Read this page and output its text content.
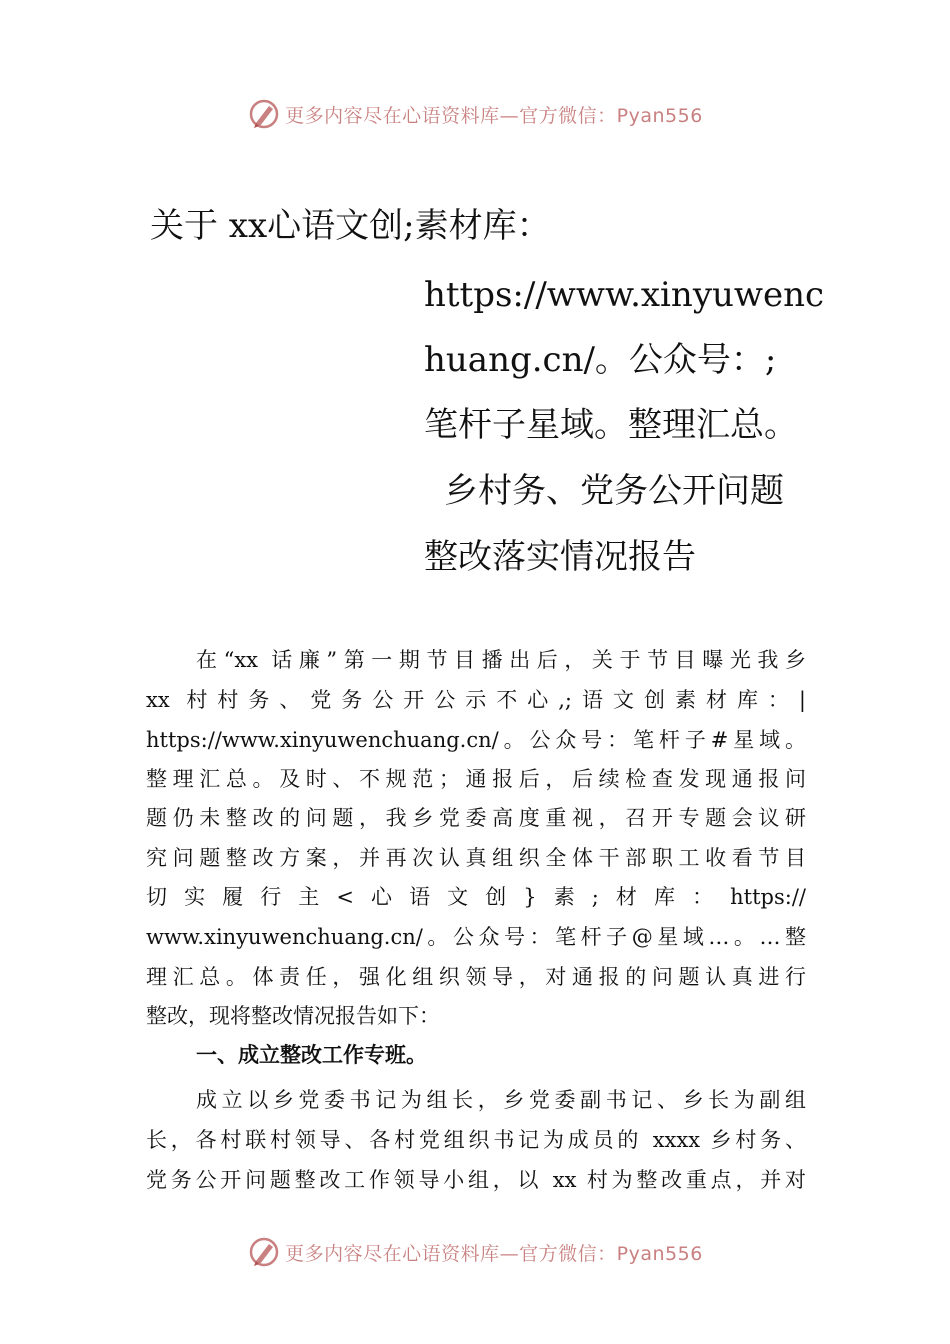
更多内容尽在心语资料库—官方微信：Pyan556
关于 xx心语文创;素材库：
https://www.xinyuwenc
huang.cn/。公众号：;
笔杆子星域。整理汇总。
乡村务、党务公开问题
整改落实情况报告
在“xx 话廉”第一期节目播出后，关于节目曝光我乡
xx 村村务、党务公开公示不心,;语文创素材库：|
https://www.xinyuwenchuang.cn/。公众号：笔杆子#星域。
整理汇总。及时、不规范；通报后，后续检查发现通报问
题仍未整改的问题，我乡党委高度重视，召开专题会议研
究问题整改方案，并再次认真组织全体干部职工收看节目
切实履行主<心语文创}素;材库：https://
www.xinyuwenchuang.cn/。公众号：笔杆子@星域…。…整
理汇总。体责任，强化组织领导，对通报的问题认真进行
整改，现将整改情况报告如下：
一、成立整改工作专班。
成立以乡党委书记为组长，乡党委副书记、乡长为副组
长，各村联村领导、各村党组织书记为成员的 xxxx 乡村务、
党务公开问题整改工作领导小组，以 xx 村为整改重点，并对
更多内容尽在心语资料库—官方微信：Pyan556
